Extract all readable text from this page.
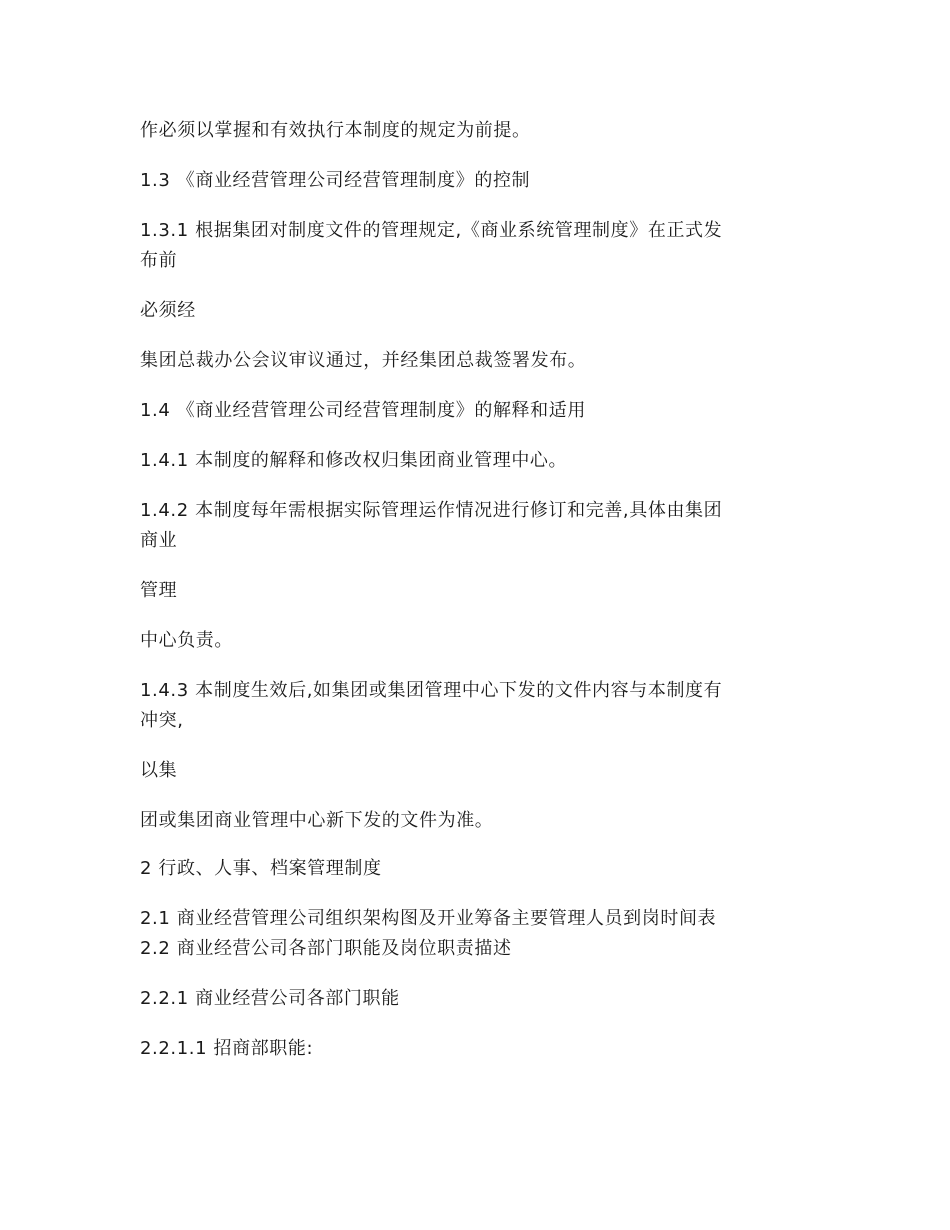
作必须以掌握和有效执行本制度的规定为前提。
1.3 《商业经营管理公司经营管理制度》的控制
1.3.1 根据集团对制度文件的管理规定,《商业系统管理制度》在正式发
布前
必须经
集团总裁办公会议审议通过，并经集团总裁签署发布。
1.4 《商业经营管理公司经营管理制度》的解释和适用
1.4.1 本制度的解释和修改权归集团商业管理中心。
1.4.2 本制度每年需根据实际管理运作情况进行修订和完善,具体由集团
商业
管理
中心负责。
1.4.3 本制度生效后,如集团或集团管理中心下发的文件内容与本制度有
冲突,
以集
团或集团商业管理中心新下发的文件为准。
2 行政、人事、档案管理制度
2.1 商业经营管理公司组织架构图及开业筹备主要管理人员到岗时间表
2.2 商业经营公司各部门职能及岗位职责描述
2.2.1 商业经营公司各部门职能
2.2.1.1 招商部职能:
